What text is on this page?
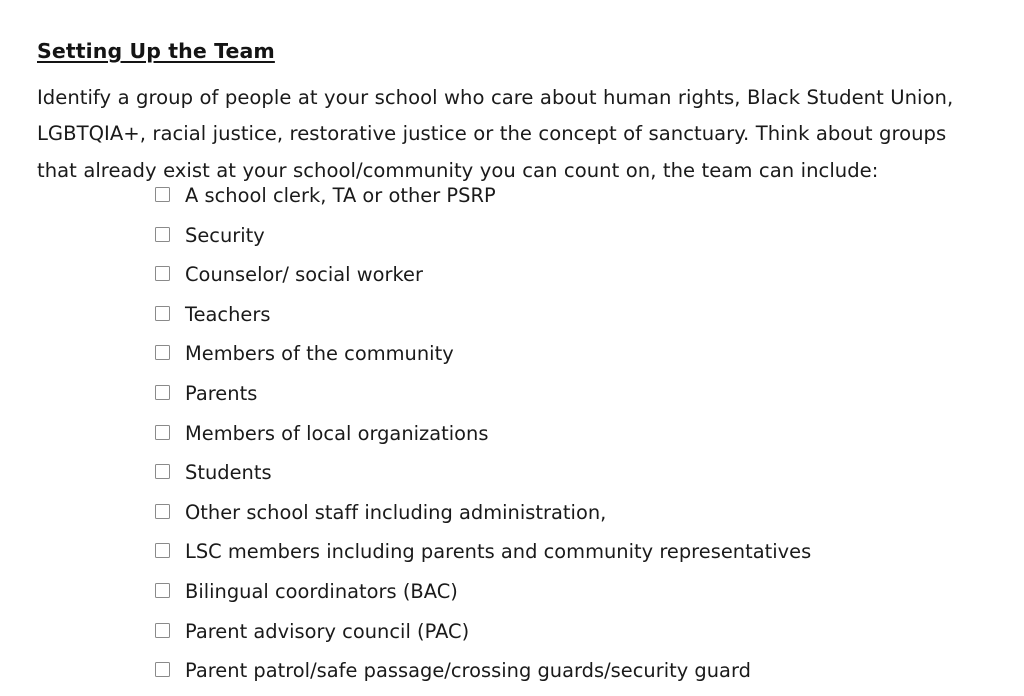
Setting Up the Team

Identify a group of people at your school who care about human rights, Black Student Union, LGBTQIA+, racial justice, restorative justice or the concept of sanctuary. Think about groups that already exist at your school/community you can count on, the team can include:

A school clerk, TA or other PSRP
Security
Counselor/ social worker
Teachers
Members of the community
Parents
Members of local organizations
Students
Other school staff including administration,
LSC members including parents and community representatives
Bilingual coordinators (BAC)
Parent advisory council (PAC)
Parent patrol/safe passage/crossing guards/security guard
